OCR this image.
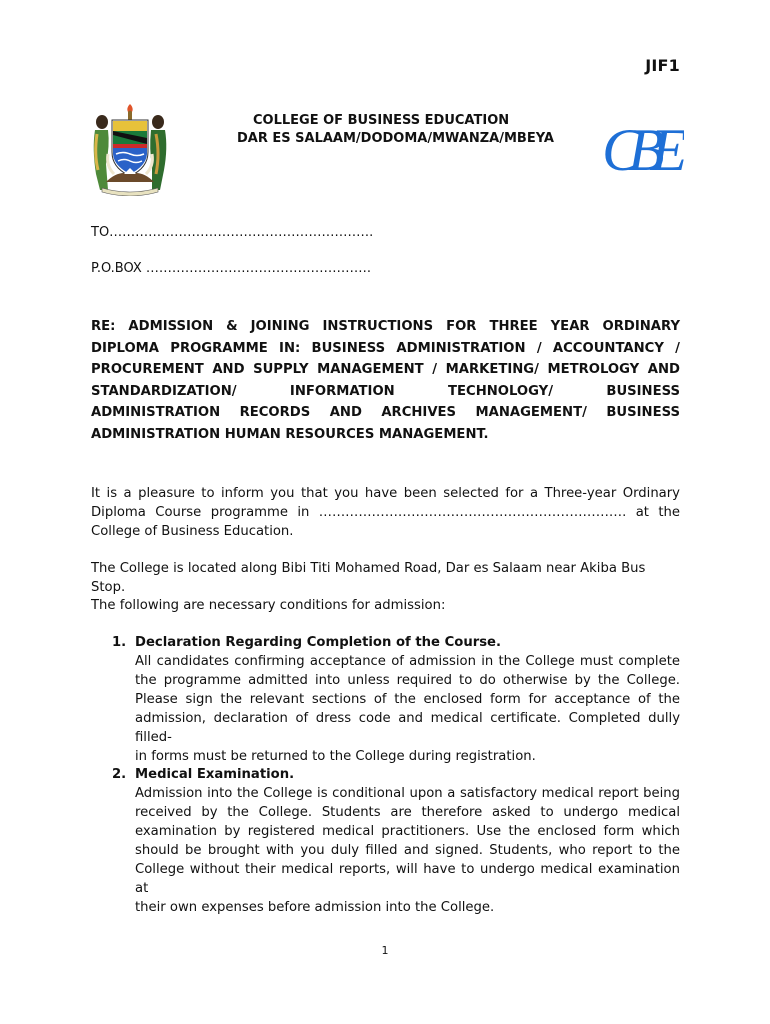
JIF1
COLLEGE OF BUSINESS EDUCATION
DAR ES SALAAM/DODOMA/MWANZA/MBEYA CBE
TO…………………………………………………….
P.O.BOX …………………………………………….
RE: ADMISSION & JOINING INSTRUCTIONS FOR THREE YEAR ORDINARY
DIPLOMA PROGRAMME IN: BUSINESS ADMINISTRATION / ACCOUNTANCY /
PROCUREMENT AND SUPPLY MANAGEMENT / MARKETING/ METROLOGY AND
STANDARDIZATION/ INFORMATION TECHNOLOGY/ BUSINESS
ADMINISTRATION RECORDS AND ARCHIVES MANAGEMENT/ BUSINESS
ADMINISTRATION HUMAN RESOURCES MANAGEMENT.
It is a pleasure to inform you that you have been selected for a Three-year Ordinary
Diploma Course programme in ……………………………………………………………. at the
College of Business Education.
The College is located along Bibi Titi Mohamed Road, Dar es Salaam near Akiba Bus Stop.
The following are necessary conditions for admission:
1. Declaration Regarding Completion of the Course.
All candidates confirming acceptance of admission in the College must complete
the programme admitted into unless required to do otherwise by the College.
Please sign the relevant sections of the enclosed form for acceptance of the
admission, declaration of dress code and medical certificate. Completed dully filled-
in forms must be returned to the College during registration.
2. Medical Examination.
Admission into the College is conditional upon a satisfactory medical report being
received by the College. Students are therefore asked to undergo medical
examination by registered medical practitioners. Use the enclosed form which
should be brought with you duly filled and signed. Students, who report to the
College without their medical reports, will have to undergo medical examination at
their own expenses before admission into the College.
1
